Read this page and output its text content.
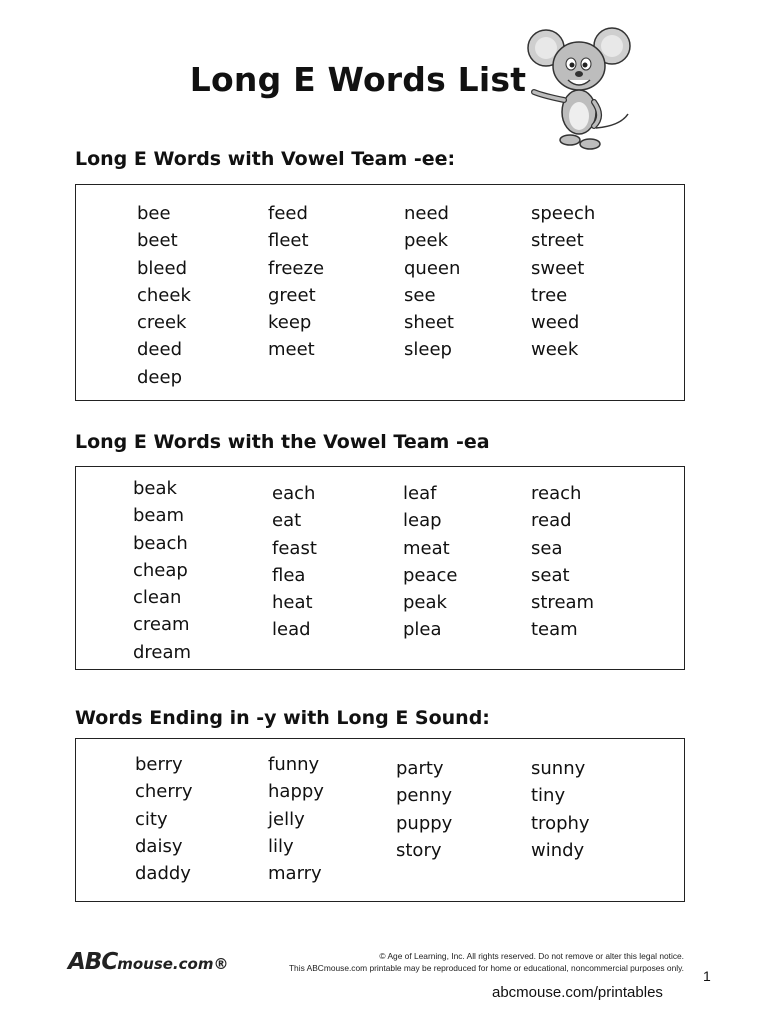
Long E Words List
Long E Words with Vowel Team -ee:
bee
beet
bleed
cheek
creek
deed
deep
feed
fleet
freeze
greet
keep
meet
need
peek
queen
see
sheet
sleep
speech
street
sweet
tree
weed
week
Long E Words with the Vowel Team -ea
beak
beam
beach
cheap
clean
cream
dream
each
eat
feast
flea
heat
lead
leaf
leap
meat
peace
peak
plea
reach
read
sea
seat
stream
team
Words Ending in -y with Long E Sound:
berry
cherry
city
daisy
daddy
funny
happy
jelly
lily
marry
party
penny
puppy
story
sunny
tiny
trophy
windy
ABCmouse.com®	© Age of Learning, Inc. All rights reserved. Do not remove or alter this legal notice.
This ABCmouse.com printable may be reproduced for home or educational, noncommercial purposes only. 1
abcmouse.com/printables
